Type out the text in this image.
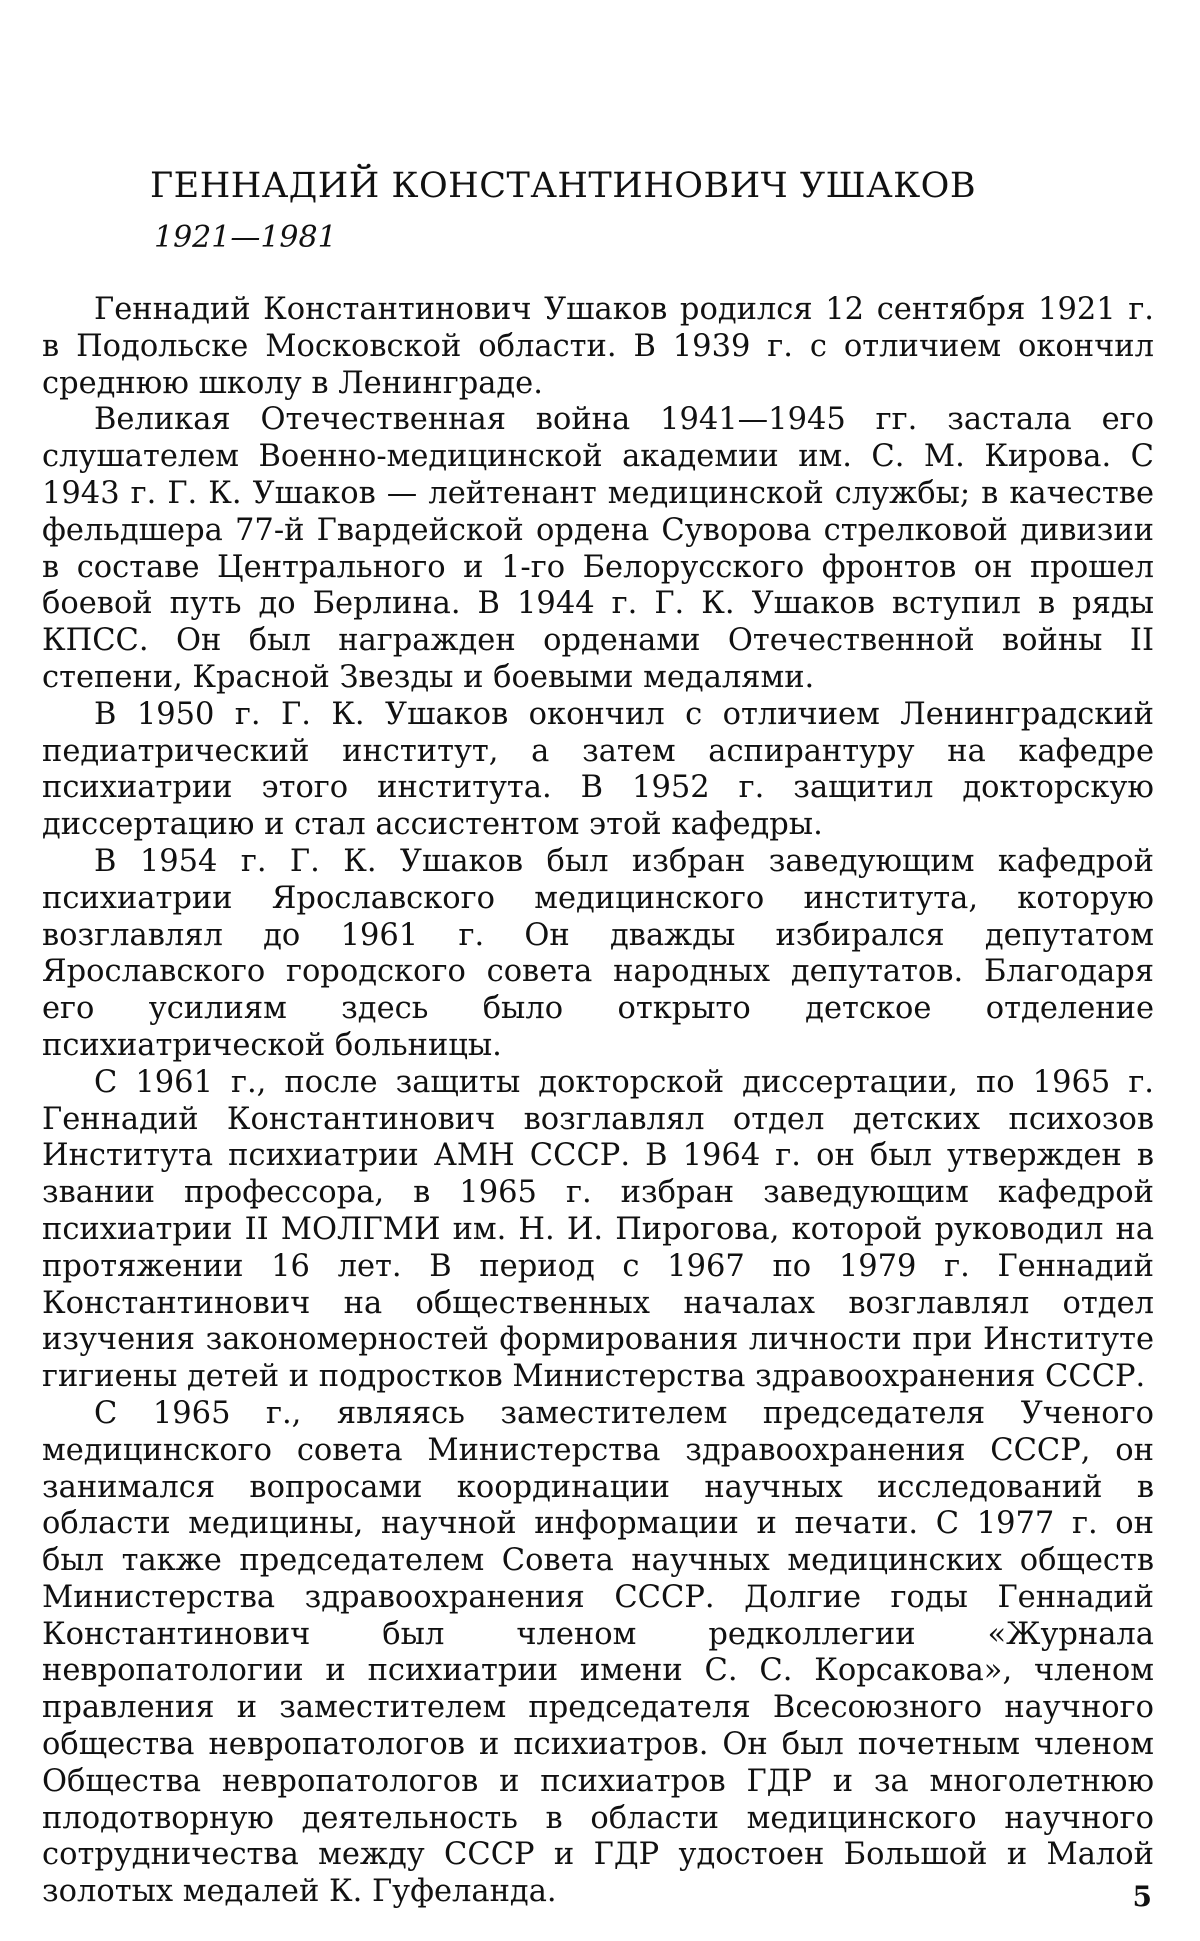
ГЕННАДИЙ КОНСТАНТИНОВИЧ УШАКОВ
1921—1981

Геннадий Константинович Ушаков родился 12 сентября 1921 г. в Подольске Московской области. В 1939 г. с отличием окончил среднюю школу в Ленинграде.

Великая Отечественная война 1941—1945 гг. застала его слушателем Военно-медицинской академии им. С. М. Кирова. С 1943 г. Г. К. Ушаков — лейтенант медицинской службы; в качестве фельдшера 77-й Гвардейской ордена Суворова стрелковой дивизии в составе Центрального и 1-го Белорусского фронтов он прошел боевой путь до Берлина. В 1944 г. Г. К. Ушаков вступил в ряды КПСС. Он был награжден орденами Отечественной войны II степени, Красной Звезды и боевыми медалями.

В 1950 г. Г. К. Ушаков окончил с отличием Ленинградский педиатрический институт, а затем аспирантуру на кафедре психиатрии этого института. В 1952 г. защитил докторскую диссертацию и стал ассистентом этой кафедры.

В 1954 г. Г. К. Ушаков был избран заведующим кафедрой психиатрии Ярославского медицинского института, которую возглавлял до 1961 г. Он дважды избирался депутатом Ярославского городского совета народных депутатов. Благодаря его усилиям здесь было открыто детское отделение психиатрической больницы.

С 1961 г., после защиты докторской диссертации, по 1965 г. Геннадий Константинович возглавлял отдел детских психозов Института психиатрии АМН СССР. В 1964 г. он был утвержден в звании профессора, в 1965 г. избран заведующим кафедрой психиатрии II МОЛГМИ им. Н. И. Пирогова, которой руководил на протяжении 16 лет. В период с 1967 по 1979 г. Геннадий Константинович на общественных началах возглавлял отдел изучения закономерностей формирования личности при Институте гигиены детей и подростков Министерства здравоохранения СССР.

С 1965 г., являясь заместителем председателя Ученого медицинского совета Министерства здравоохранения СССР, он занимался вопросами координации научных исследований в области медицины, научной информации и печати. С 1977 г. он был также председателем Совета научных медицинских обществ Министерства здравоохранения СССР. Долгие годы Геннадий Константинович был членом редколлегии «Журнала невропатологии и психиатрии имени С. С. Корсакова», членом правления и заместителем председателя Всесоюзного научного общества невропатологов и психиатров. Он был почетным членом Общества невропатологов и психиатров ГДР и за многолетнюю плодотворную деятельность в области медицинского научного сотрудничества между СССР и ГДР удостоен Большой и Малой золотых медалей К. Гуфеланда.	5
